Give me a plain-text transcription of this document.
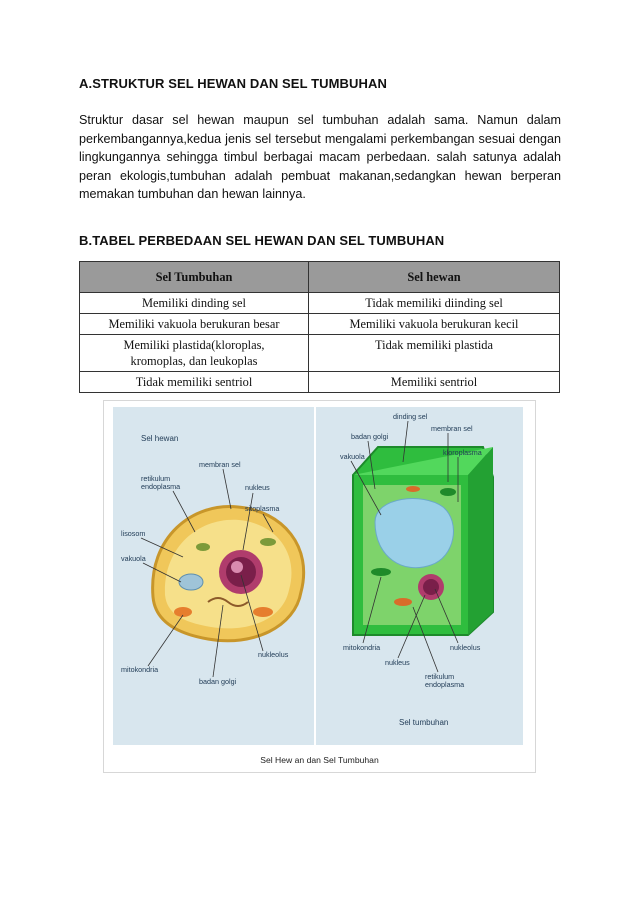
A.STRUKTUR SEL HEWAN DAN SEL TUMBUHAN
Struktur dasar sel hewan maupun sel tumbuhan adalah sama. Namun dalam perkembangannya,kedua jenis sel tersebut mengalami perkembangan sesuai dengan lingkungannya sehingga timbul berbagai macam perbedaan. salah satunya adalah peran ekologis,tumbuhan adalah pembuat makanan,sedangkan hewan berperan memakan tumbuhan dan hewan lainnya.
B.TABEL PERBEDAAN SEL HEWAN DAN SEL TUMBUHAN
Sel Tumbuhan	Sel hewan
Memiliki dinding sel	Tidak memiliki diinding sel
Memiliki vakuola berukuran besar	Memiliki vakuola berukuran kecil
Memiliki plastida(kloroplas, kromoplas, dan leukoplas	Tidak memiliki plastida
Tidak memiliki sentriol	Memiliki sentriol
Sel hewan
retikulum
endoplasma
membran sel
nukleus
sitoplasma
lisosom
vakuola
nukleolus
mitokondria
badan golgi
dinding sel
badan golgi
membran sel
vakuola	kloroplasma
mitokondria	nukleolus
nukleus
retikulum
endoplasma
Sel tumbuhan
Sel Hew an dan Sel Tumbuhan
